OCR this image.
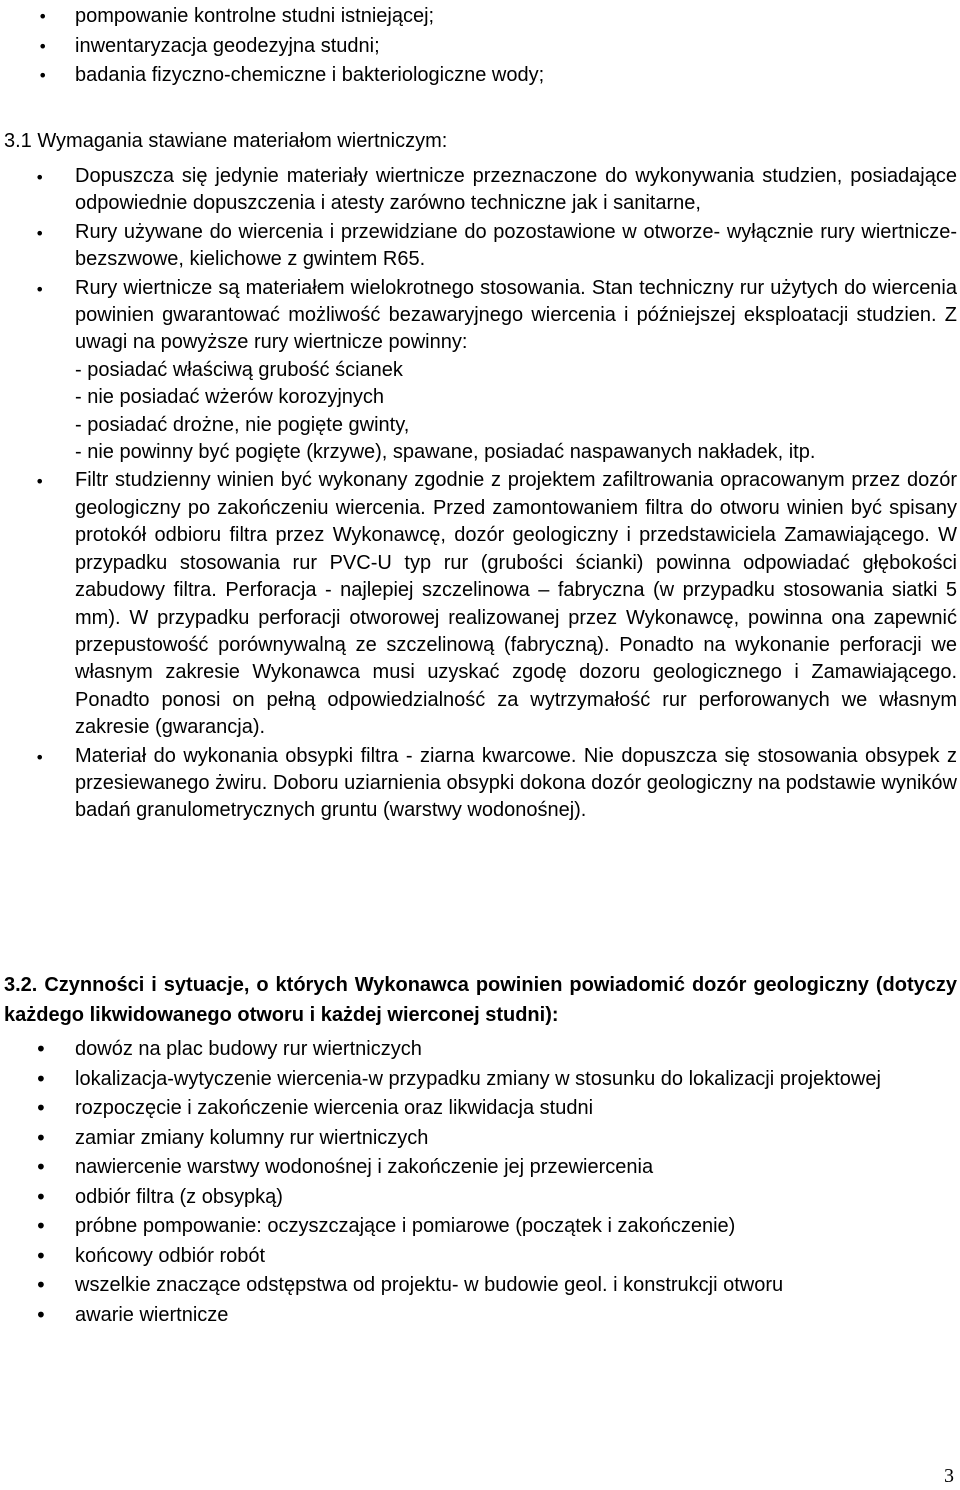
• pompowanie kontrolne studni istniejącej;
• inwentaryzacja geodezyjna studni;
• badania fizyczno-chemiczne i bakteriologiczne wody;
3.1 Wymagania stawiane materiałom wiertniczym:
• Dopuszcza się jedynie materiały wiertnicze przeznaczone do wykonywania studzien, posiadające odpowiednie dopuszczenia i atesty zarówno techniczne jak i sanitarne,
• Rury używane do wiercenia i przewidziane do pozostawione w otworze- wyłącznie rury wiertnicze-bezszwowe, kielichowe z gwintem R65.
• Rury wiertnicze są materiałem wielokrotnego stosowania. Stan techniczny rur użytych do wiercenia powinien gwarantować możliwość bezawaryjnego wiercenia i późniejszej eksploatacji studzien. Z uwagi na powyższe rury wiertnicze powinny:
- posiadać właściwą grubość ścianek
- nie posiadać wżerów korozyjnych
- posiadać drożne, nie pogięte gwinty,
- nie powinny być pogięte (krzywe), spawane, posiadać naspawanych nakładek, itp.
• Filtr studzienny winien być wykonany zgodnie z projektem zafiltrowania opracowanym przez dozór geologiczny po zakończeniu wiercenia. Przed zamontowaniem filtra do otworu winien być spisany protokół odbioru filtra przez Wykonawcę, dozór geologiczny i przedstawiciela Zamawiającego. W przypadku stosowania rur PVC-U typ rur (grubości ścianki) powinna odpowiadać głębokości zabudowy filtra. Perforacja - najlepiej szczelinowa – fabryczna (w przypadku stosowania siatki 5 mm). W przypadku perforacji otworowej realizowanej przez Wykonawcę, powinna ona zapewnić przepustowość porównywalną ze szczelinową (fabryczną). Ponadto na wykonanie perforacji we własnym zakresie Wykonawca musi uzyskać zgodę dozoru geologicznego i Zamawiającego. Ponadto ponosi on pełną odpowiedzialność za wytrzymałość rur perforowanych we własnym zakresie (gwarancja).
• Materiał do wykonania obsypki filtra - ziarna kwarcowe. Nie dopuszcza się stosowania obsypek z przesiewanego żwiru. Doboru uziarnienia obsypki dokona dozór geologiczny na podstawie wyników badań granulometrycznych gruntu (warstwy wodonośnej).
3.2. Czynności i sytuacje, o których Wykonawca powinien powiadomić dozór geologiczny (dotyczy każdego likwidowanego otworu i każdej wierconej studni):
• dowóz na plac budowy rur wiertniczych
• lokalizacja-wytyczenie wiercenia-w przypadku zmiany w stosunku do lokalizacji projektowej
• rozpoczęcie i zakończenie wiercenia oraz likwidacja studni
• zamiar zmiany kolumny rur wiertniczych
• nawiercenie warstwy wodonośnej i zakończenie jej przewiercenia
• odbiór filtra (z obsypką)
• próbne pompowanie: oczyszczające i pomiarowe (początek i zakończenie)
• końcowy odbiór robót
• wszelkie znaczące odstępstwa od projektu- w budowie geol. i konstrukcji otworu
• awarie wiertnicze
3
